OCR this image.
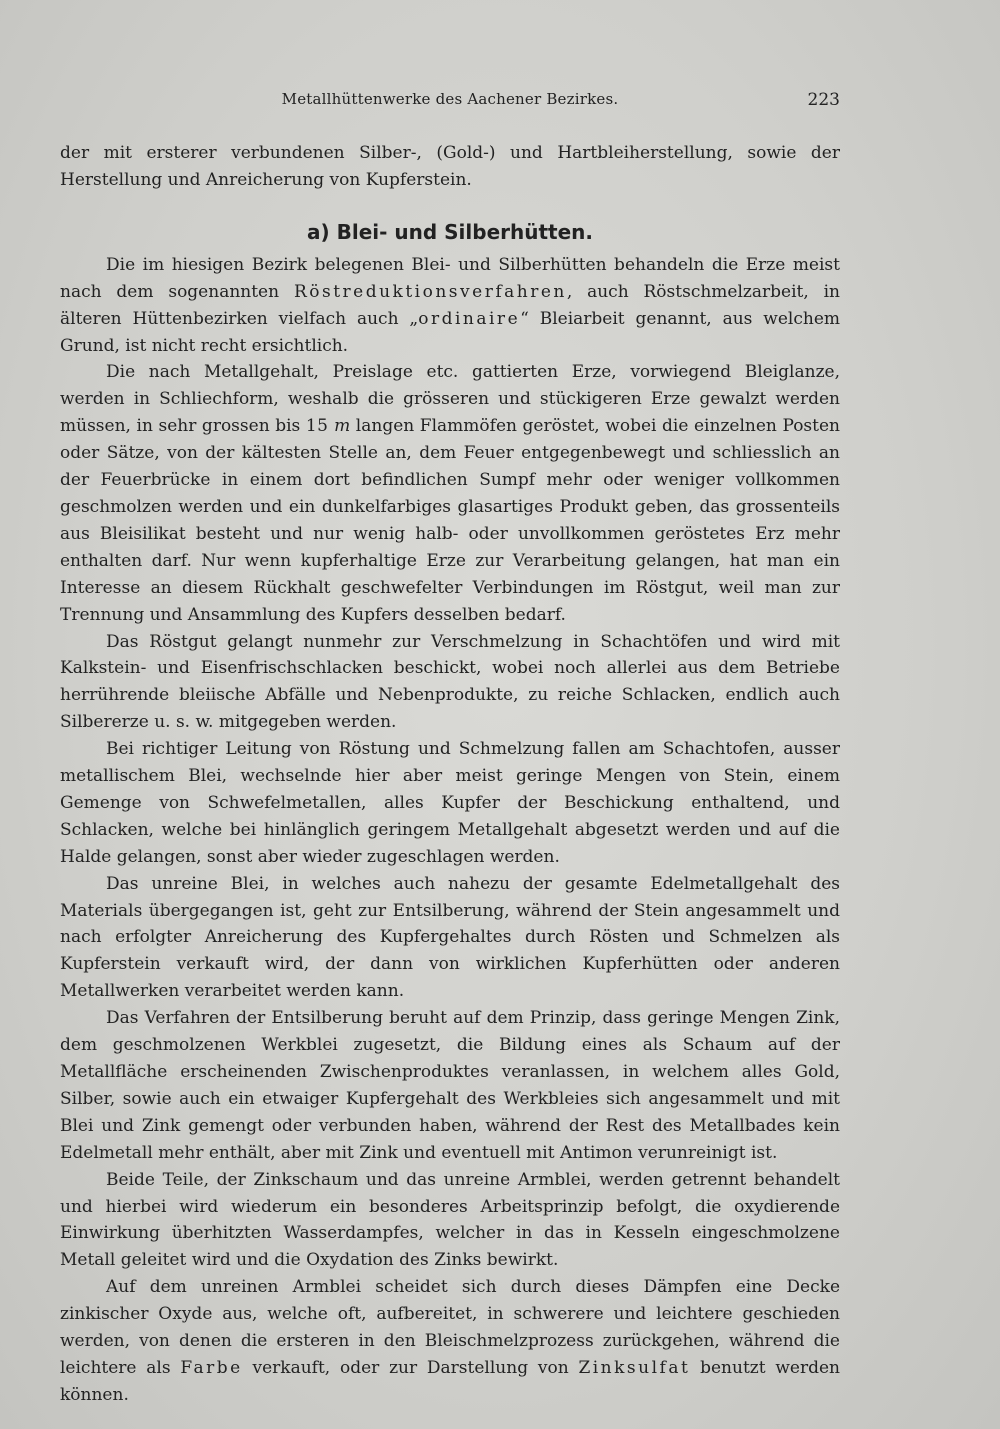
Metallhüttenwerke des Aachener Bezirkes.	223

der mit ersterer verbundenen Silber-, (Gold-) und Hartbleiherstellung, sowie der Herstellung und Anreicherung von Kupferstein.

a) Blei- und Silberhütten.

Die im hiesigen Bezirk belegenen Blei- und Silberhütten behandeln die Erze meist nach dem sogenannten Röstreduktionsverfahren, auch Röstschmelzarbeit, in älteren Hüttenbezirken vielfach auch „ordinaire“ Bleiarbeit genannt, aus welchem Grund, ist nicht recht ersichtlich.

Die nach Metallgehalt, Preislage etc. gattierten Erze, vorwiegend Bleiglanze, werden in Schliechform, weshalb die grösseren und stückigeren Erze gewalzt werden müssen, in sehr grossen bis 15 m langen Flammöfen geröstet, wobei die einzelnen Posten oder Sätze, von der kältesten Stelle an, dem Feuer entgegenbewegt und schliesslich an der Feuerbrücke in einem dort befindlichen Sumpf mehr oder weniger vollkommen geschmolzen werden und ein dunkelfarbiges glasartiges Produkt geben, das grossenteils aus Bleisilikat besteht und nur wenig halb- oder unvollkommen geröstetes Erz mehr enthalten darf. Nur wenn kupferhaltige Erze zur Verarbeitung gelangen, hat man ein Interesse an diesem Rückhalt geschwefelter Verbindungen im Röstgut, weil man zur Trennung und Ansammlung des Kupfers desselben bedarf.

Das Röstgut gelangt nunmehr zur Verschmelzung in Schachtöfen und wird mit Kalkstein- und Eisenfrischschlacken beschickt, wobei noch allerlei aus dem Betriebe herrührende bleiische Abfälle und Nebenprodukte, zu reiche Schlacken, endlich auch Silbererze u. s. w. mitgegeben werden.

Bei richtiger Leitung von Röstung und Schmelzung fallen am Schachtofen, ausser metallischem Blei, wechselnde hier aber meist geringe Mengen von Stein, einem Gemenge von Schwefelmetallen, alles Kupfer der Beschickung enthaltend, und Schlacken, welche bei hinlänglich geringem Metallgehalt abgesetzt werden und auf die Halde gelangen, sonst aber wieder zugeschlagen werden.

Das unreine Blei, in welches auch nahezu der gesamte Edelmetallgehalt des Materials übergegangen ist, geht zur Entsilberung, während der Stein angesammelt und nach erfolgter Anreicherung des Kupfergehaltes durch Rösten und Schmelzen als Kupferstein verkauft wird, der dann von wirklichen Kupferhütten oder anderen Metallwerken verarbeitet werden kann.

Das Verfahren der Entsilberung beruht auf dem Prinzip, dass geringe Mengen Zink, dem geschmolzenen Werkblei zugesetzt, die Bildung eines als Schaum auf der Metallfläche erscheinenden Zwischenproduktes veranlassen, in welchem alles Gold, Silber, sowie auch ein etwaiger Kupfergehalt des Werkbleies sich angesammelt und mit Blei und Zink gemengt oder verbunden haben, während der Rest des Metallbades kein Edelmetall mehr enthält, aber mit Zink und eventuell mit Antimon verunreinigt ist.

Beide Teile, der Zinkschaum und das unreine Armblei, werden getrennt behandelt und hierbei wird wiederum ein besonderes Arbeitsprinzip befolgt, die oxydierende Einwirkung überhitzten Wasserdampfes, welcher in das in Kesseln eingeschmolzene Metall geleitet wird und die Oxydation des Zinks bewirkt.

Auf dem unreinen Armblei scheidet sich durch dieses Dämpfen eine Decke zinkischer Oxyde aus, welche oft, aufbereitet, in schwerere und leichtere geschieden werden, von denen die ersteren in den Bleischmelzprozess zurückgehen, während die leichtere als Farbe verkauft, oder zur Darstellung von Zinksulfat benutzt werden können.
